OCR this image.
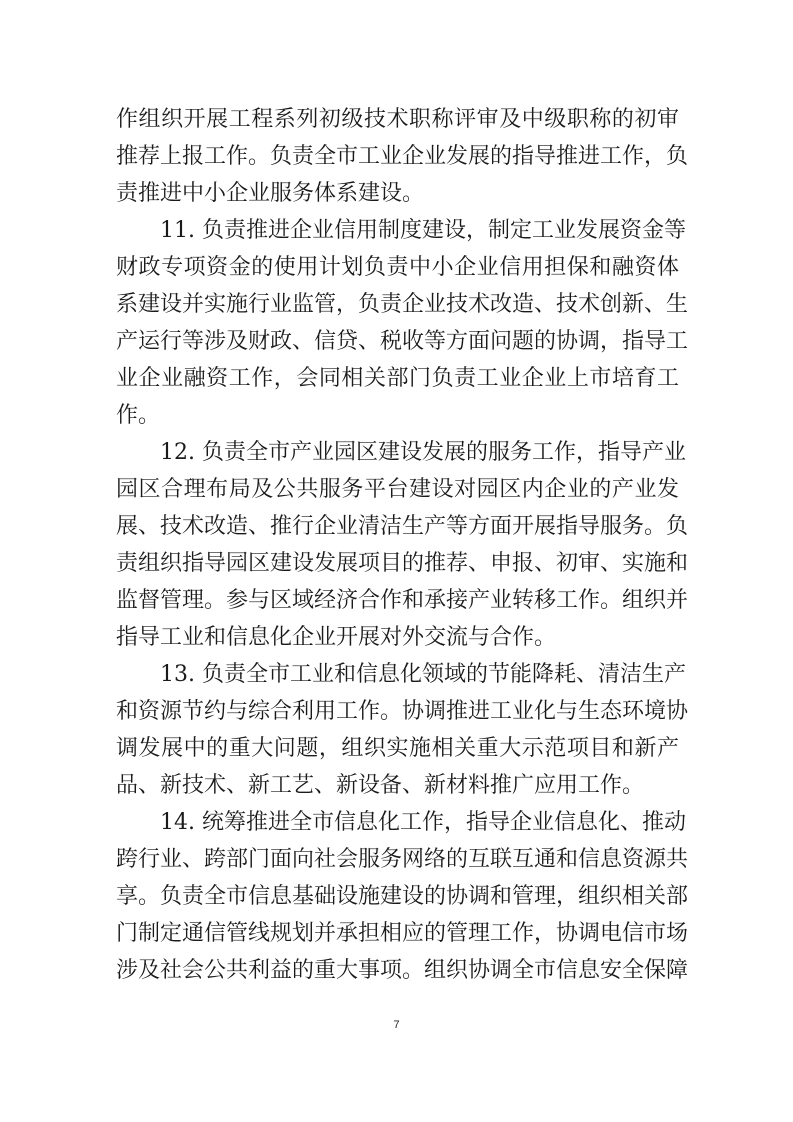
作组织开展工程系列初级技术职称评审及中级职称的初审
推荐上报工作。负责全市工业企业发展的指导推进工作，负
责推进中小企业服务体系建设。
11. 负责推进企业信用制度建设，制定工业发展资金等
财政专项资金的使用计划负责中小企业信用担保和融资体
系建设并实施行业监管，负责企业技术改造、技术创新、生
产运行等涉及财政、信贷、税收等方面问题的协调，指导工
业企业融资工作，会同相关部门负责工业企业上市培育工
作。
12. 负责全市产业园区建设发展的服务工作，指导产业
园区合理布局及公共服务平台建设对园区内企业的产业发
展、技术改造、推行企业清洁生产等方面开展指导服务。负
责组织指导园区建设发展项目的推荐、申报、初审、实施和
监督管理。参与区域经济合作和承接产业转移工作。组织并
指导工业和信息化企业开展对外交流与合作。
13. 负责全市工业和信息化领域的节能降耗、清洁生产
和资源节约与综合利用工作。协调推进工业化与生态环境协
调发展中的重大问题，组织实施相关重大示范项目和新产
品、新技术、新工艺、新设备、新材料推广应用工作。
14. 统筹推进全市信息化工作，指导企业信息化、推动
跨行业、跨部门面向社会服务网络的互联互通和信息资源共
享。负责全市信息基础设施建设的协调和管理，组织相关部
门制定通信管线规划并承担相应的管理工作，协调电信市场
涉及社会公共利益的重大事项。组织协调全市信息安全保障
7
